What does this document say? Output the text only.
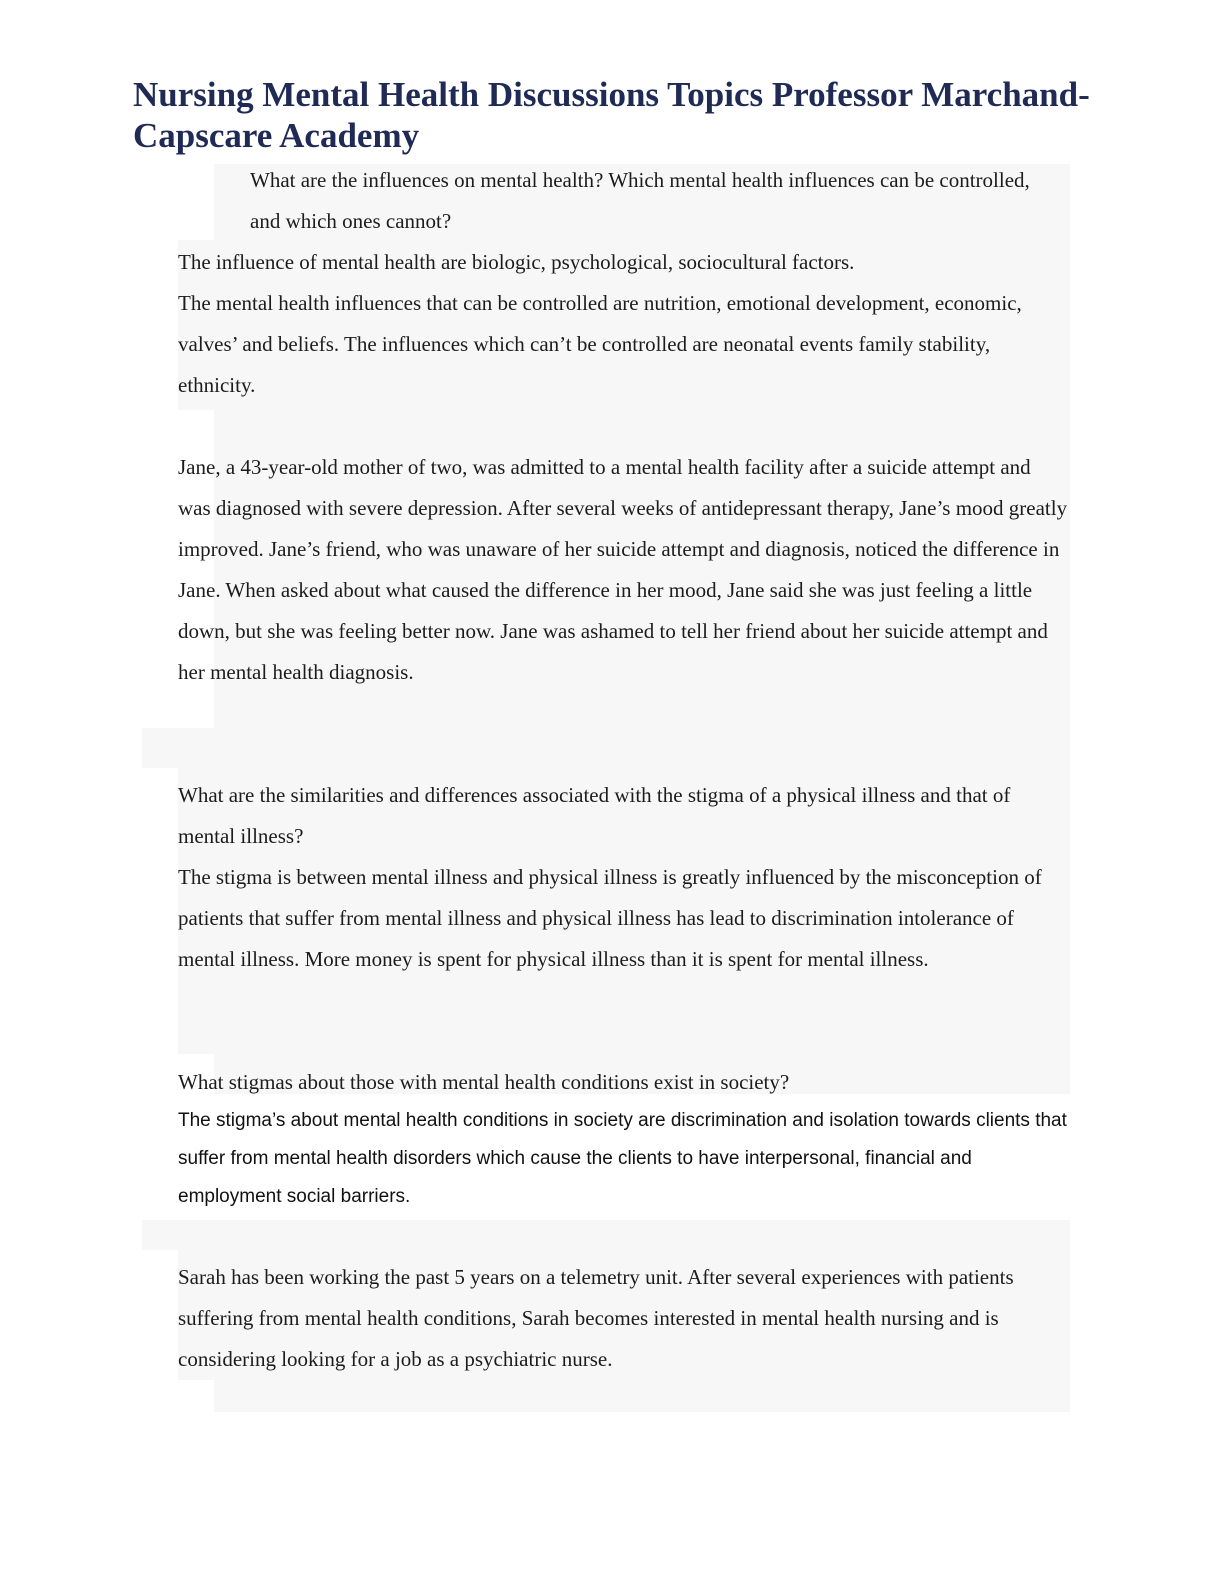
Nursing Mental Health Discussions Topics Professor Marchand- Capscare Academy

What are the influences on mental health? Which mental health influences can be controlled, and which ones cannot?

The influence of mental health are biologic, psychological, sociocultural factors.

The mental health influences that can be controlled are nutrition, emotional development, economic, valves’ and beliefs. The influences which can’t be controlled are neonatal events family stability, ethnicity.

Jane, a 43-year-old mother of two, was admitted to a mental health facility after a suicide attempt and was diagnosed with severe depression. After several weeks of antidepressant therapy, Jane’s mood greatly improved. Jane’s friend, who was unaware of her suicide attempt and diagnosis, noticed the difference in Jane. When asked about what caused the difference in her mood, Jane said she was just feeling a little down, but she was feeling better now. Jane was ashamed to tell her friend about her suicide attempt and her mental health diagnosis.

What are the similarities and differences associated with the stigma of a physical illness and that of mental illness?

The stigma is between mental illness and physical illness is greatly influenced by the misconception of patients that suffer from mental illness and physical illness has lead to discrimination intolerance of mental illness. More money is spent for physical illness than it is spent for mental illness.

What stigmas about those with mental health conditions exist in society?

The stigma’s about mental health conditions in society are discrimination and isolation towards clients that suffer from mental health disorders which cause the clients to have interpersonal, financial and employment social barriers.

Sarah has been working the past 5 years on a telemetry unit. After several experiences with patients suffering from mental health conditions, Sarah becomes interested in mental health nursing and is considering looking for a job as a psychiatric nurse.
